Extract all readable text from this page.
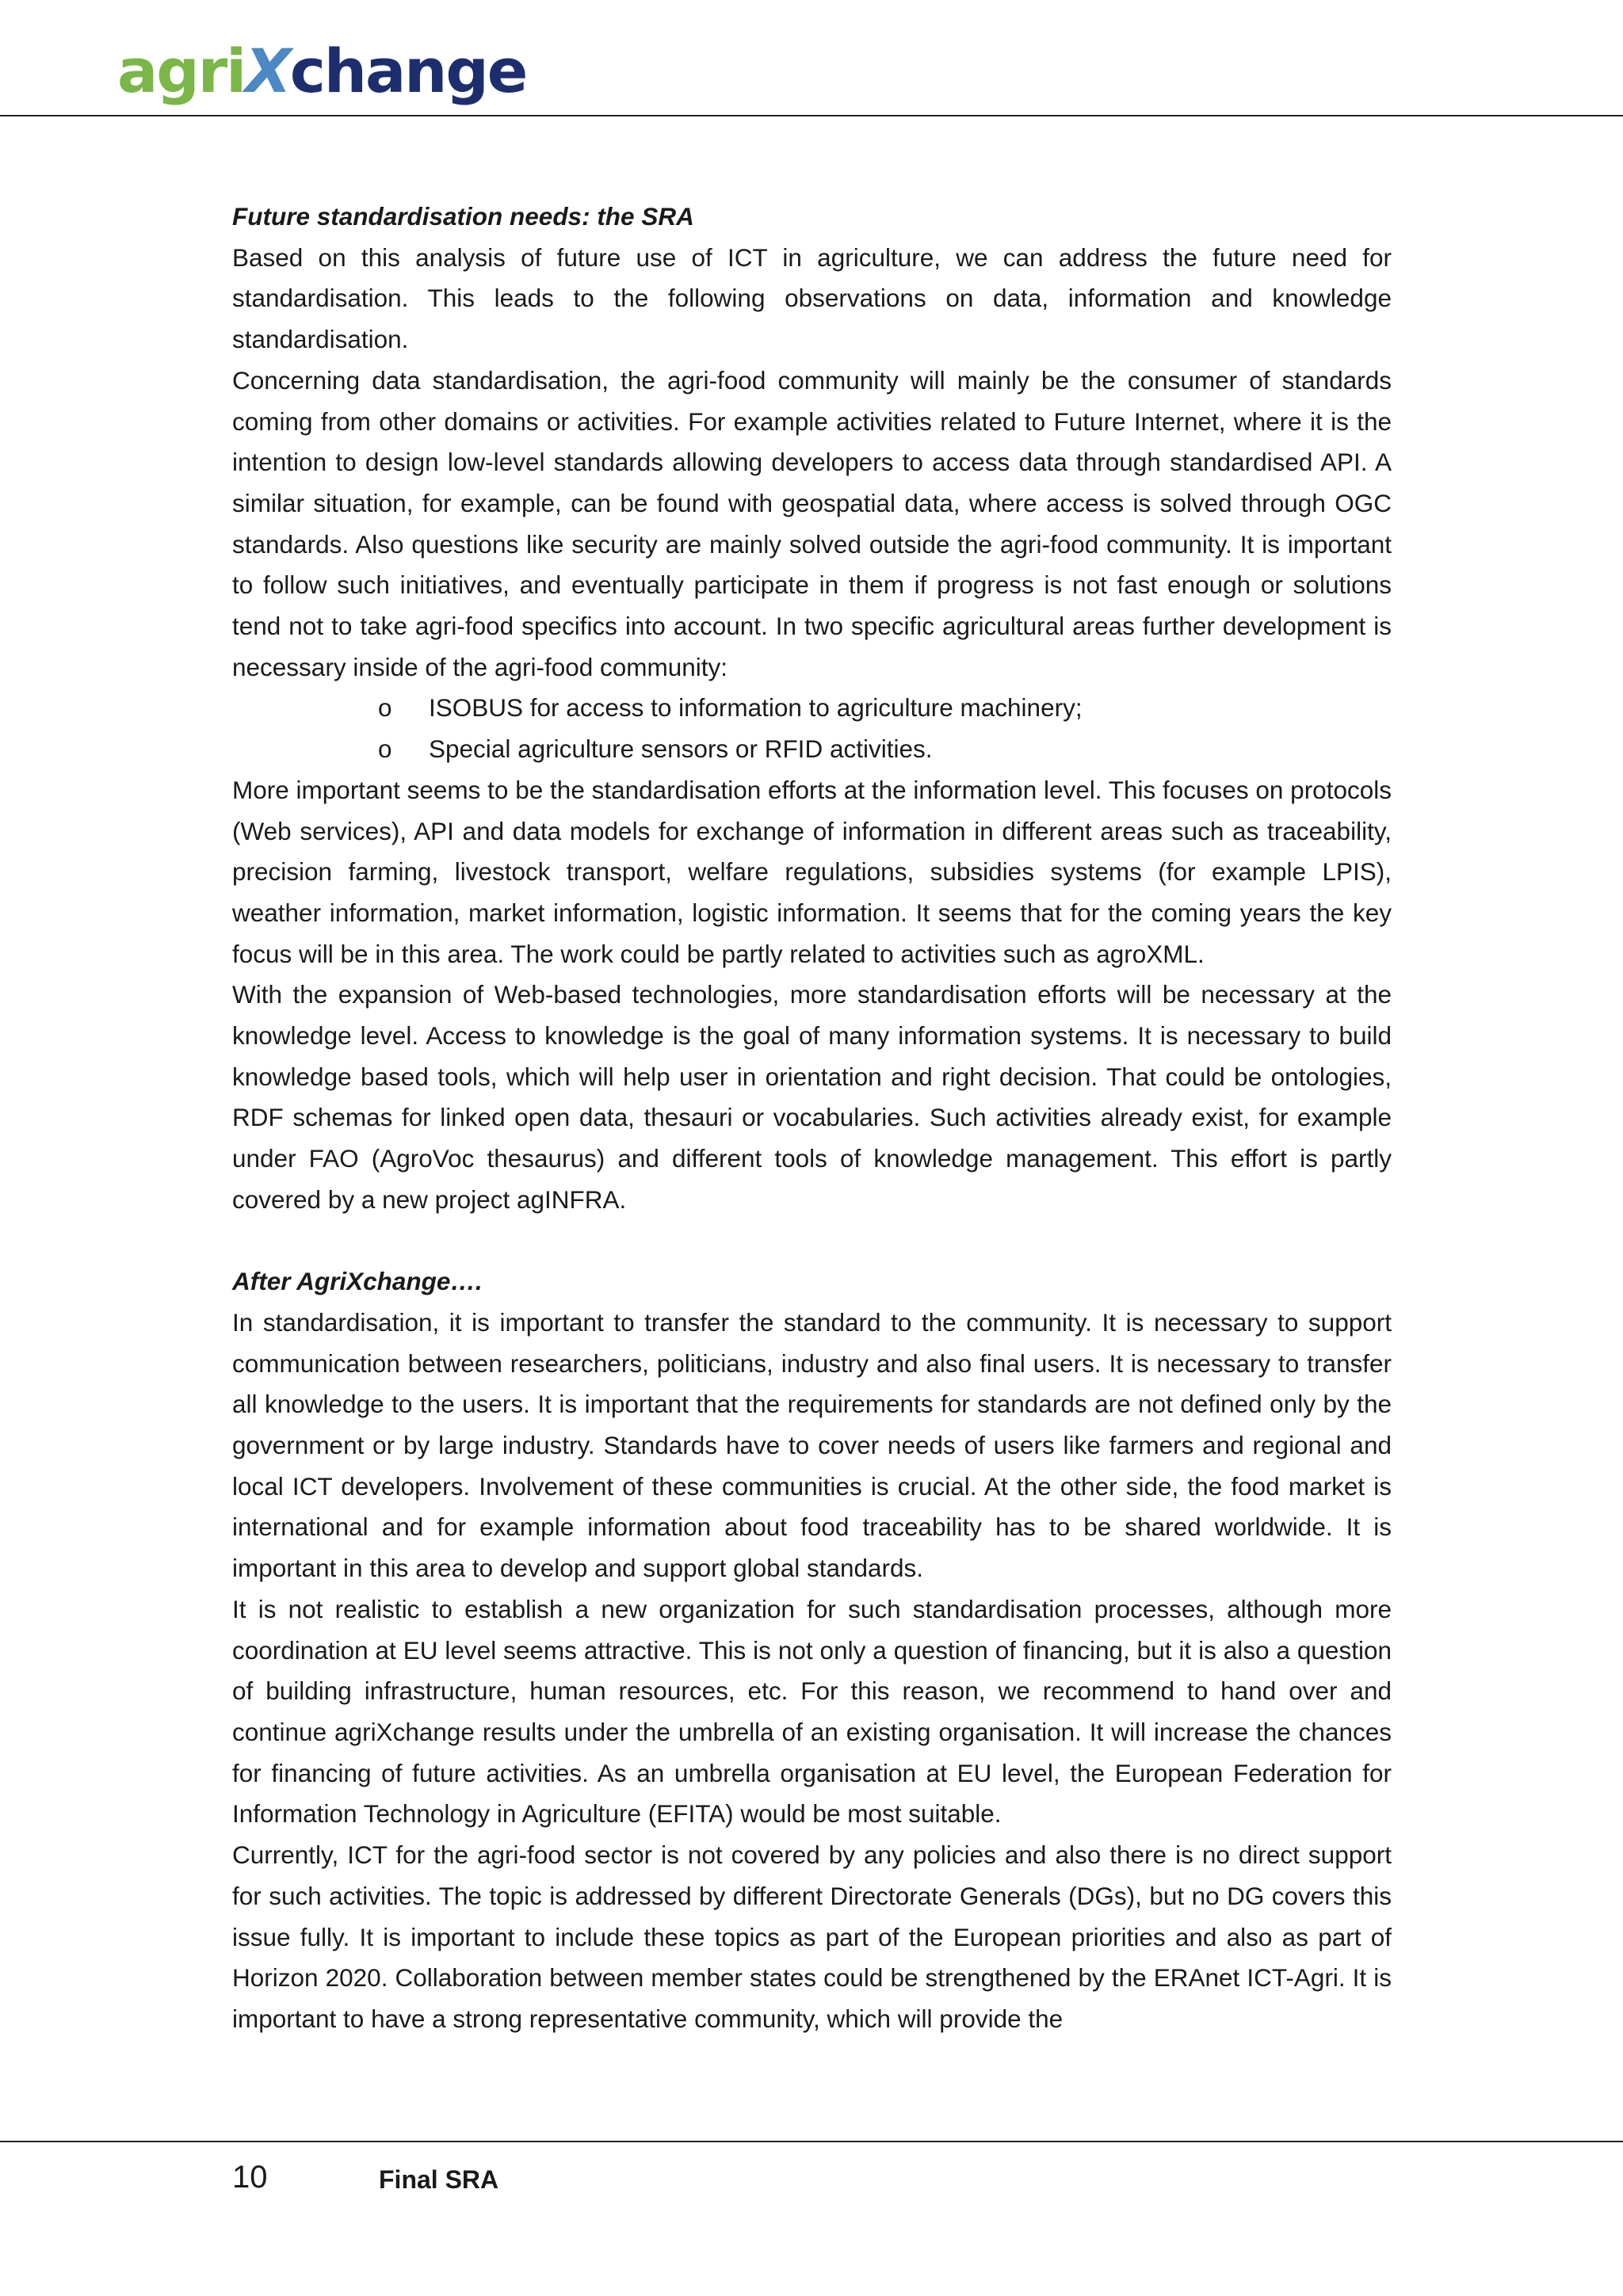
agriXchange

Future standardisation needs: the SRA

Based on this analysis of future use of ICT in agriculture, we can address the future need for standardisation. This leads to the following observations on data, information and knowledge standardisation.

Concerning data standardisation, the agri-food community will mainly be the consumer of standards coming from other domains or activities. For example activities related to Future Internet, where it is the intention to design low-level standards allowing developers to access data through standardised API. A similar situation, for example, can be found with geospatial data, where access is solved through OGC standards. Also questions like security are mainly solved outside the agri-food community. It is important to follow such initiatives, and eventually participate in them if progress is not fast enough or solutions tend not to take agri-food specifics into account. In two specific agricultural areas further development is necessary inside of the agri-food community:

o ISOBUS for access to information to agriculture machinery;
o Special agriculture sensors or RFID activities.

More important seems to be the standardisation efforts at the information level. This focuses on protocols (Web services), API and data models for exchange of information in different areas such as traceability, precision farming, livestock transport, welfare regulations, subsidies systems (for example LPIS), weather information, market information, logistic information. It seems that for the coming years the key focus will be in this area. The work could be partly related to activities such as agroXML.

With the expansion of Web-based technologies, more standardisation efforts will be necessary at the knowledge level. Access to knowledge is the goal of many information systems. It is necessary to build knowledge based tools, which will help user in orientation and right decision. That could be ontologies, RDF schemas for linked open data, thesauri or vocabularies. Such activities already exist, for example under FAO (AgroVoc thesaurus) and different tools of knowledge management. This effort is partly covered by a new project agINFRA.

After AgriXchange….

In standardisation, it is important to transfer the standard to the community. It is necessary to support communication between researchers, politicians, industry and also final users. It is necessary to transfer all knowledge to the users. It is important that the requirements for standards are not defined only by the government or by large industry. Standards have to cover needs of users like farmers and regional and local ICT developers. Involvement of these communities is crucial. At the other side, the food market is international and for example information about food traceability has to be shared worldwide. It is important in this area to develop and support global standards.

It is not realistic to establish a new organization for such standardisation processes, although more coordination at EU level seems attractive. This is not only a question of financing, but it is also a question of building infrastructure, human resources, etc. For this reason, we recommend to hand over and continue agriXchange results under the umbrella of an existing organisation. It will increase the chances for financing of future activities. As an umbrella organisation at EU level, the European Federation for Information Technology in Agriculture (EFITA) would be most suitable.

Currently, ICT for the agri-food sector is not covered by any policies and also there is no direct support for such activities. The topic is addressed by different Directorate Generals (DGs), but no DG covers this issue fully. It is important to include these topics as part of the European priorities and also as part of Horizon 2020. Collaboration between member states could be strengthened by the ERAnet ICT-Agri. It is important to have a strong representative community, which will provide the

10	Final SRA
